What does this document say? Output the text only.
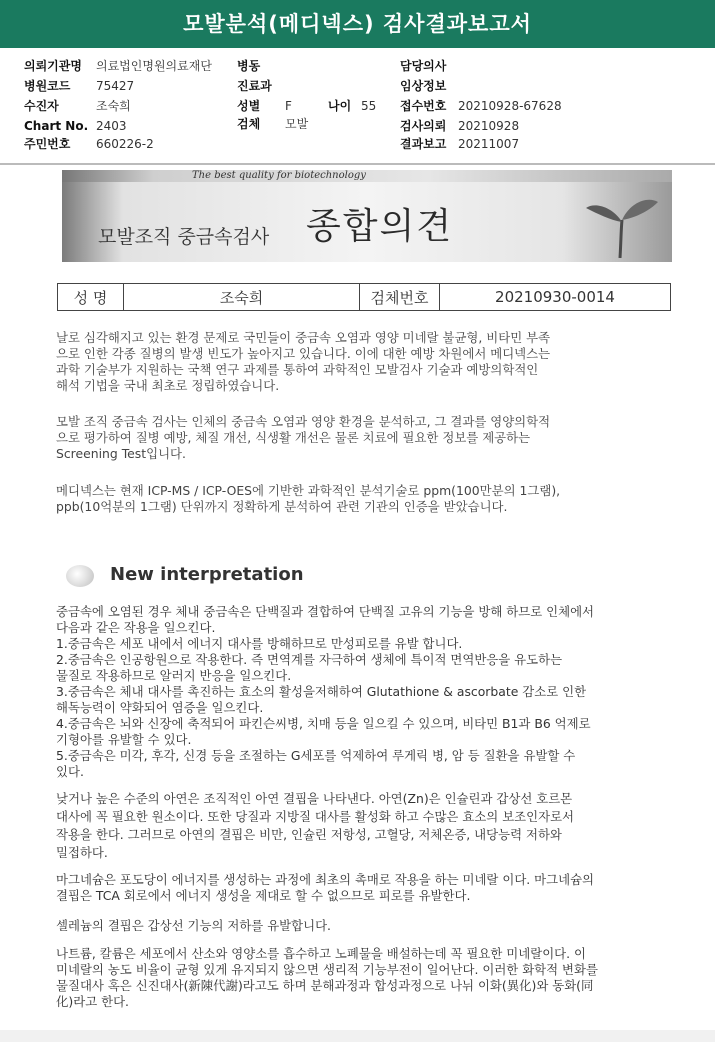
모발분석(메디넥스) 검사결과보고서
의뢰기관명 의료법인명원의료재단
병원코드 75427
수진자	조숙희
Chart No. 2403
주민번호 660226-2
병동
진료과
성별 F	나이 55
검체 모발
담당의사
임상정보
접수번호 20210928-67628
검사의뢰 20210928
결과보고 20211007
The best quality for biotechnology
모발조직 중금속검사 종합의견
성 명	조숙희	검체번호	20210930-0014
날로 심각해지고 있는 환경 문제로 국민들이 중금속 오염과 영양 미네랄 불균형, 비타민 부족
으로 인한 각종 질병의 발생 빈도가 높아지고 있습니다. 이에 대한 예방 차원에서 메디넥스는
과학 기술부가 지원하는 국책 연구 과제를 통하여 과학적인 모발검사 기술과 예방의학적인
해석 기법을 국내 최초로 정립하였습니다.
모발 조직 중금속 검사는 인체의 중금속 오염과 영양 환경을 분석하고, 그 결과를 영양의학적
으로 평가하여 질병 예방, 체질 개선, 식생활 개선은 물론 치료에 필요한 정보를 제공하는
Screening Test입니다.
메디넥스는 현재 ICP-MS / ICP-OES에 기반한 과학적인 분석기술로 ppm(100만분의 1그램),
ppb(10억분의 1그램) 단위까지 정확하게 분석하여 관련 기관의 인증을 받았습니다.
New interpretation
중금속에 오염된 경우 체내 중금속은 단백질과 결합하여 단백질 고유의 기능을 방해 하므로 인체에서
다음과 같은 작용을 일으킨다.
1.중금속은 세포 내에서 에너지 대사를 방해하므로 만성피로를 유발 합니다.
2.중금속은 인공항원으로 작용한다. 즉 면역계를 자극하여 생체에 특이적 면역반응을 유도하는
물질로 작용하므로 알러지 반응을 일으킨다.
3.중금속은 체내 대사를 촉진하는 효소의 활성을저해하여 Glutathione & ascorbate 감소로 인한
해독능력이 약화되어 염증을 일으킨다.
4.중금속은 뇌와 신장에 축적되어 파킨슨씨병, 치매 등을 일으킬 수 있으며, 비타민 B1과 B6 억제로
기형아를 유발할 수 있다.
5.중금속은 미각, 후각, 신경 등을 조절하는 G세포를 억제하여 루게릭 병, 암 등 질환을 유발할 수
있다.
낮거나 높은 수준의 아연은 조직적인 아연 결핍을 나타낸다. 아연(Zn)은 인슐린과 갑상선 호르몬
대사에 꼭 필요한 원소이다. 또한 당질과 지방질 대사를 활성화 하고 수많은 효소의 보조인자로서
작용을 한다. 그러므로 아연의 결핍은 비만, 인슐린 저항성, 고혈당, 저체온증, 내당능력 저하와
밀접하다.
마그네슘은 포도당이 에너지를 생성하는 과정에 최초의 촉매로 작용을 하는 미네랄 이다. 마그네슘의
결핍은 TCA 회로에서 에너지 생성을 제대로 할 수 없으므로 피로를 유발한다.
셀레늄의 결핍은 갑상선 기능의 저하를 유발합니다.
나트륨, 칼륨은 세포에서 산소와 영양소를 흡수하고 노폐물을 배설하는데 꼭 필요한 미네랄이다. 이
미네랄의 농도 비율이 균형 있게 유지되지 않으면 생리적 기능부전이 일어난다. 이러한 화학적 변화를
물질대사 혹은 신진대사(新陳代謝)라고도 하며 분해과정과 합성과정으로 나뉘 이화(異化)와 동화(同
化)라고 한다.
